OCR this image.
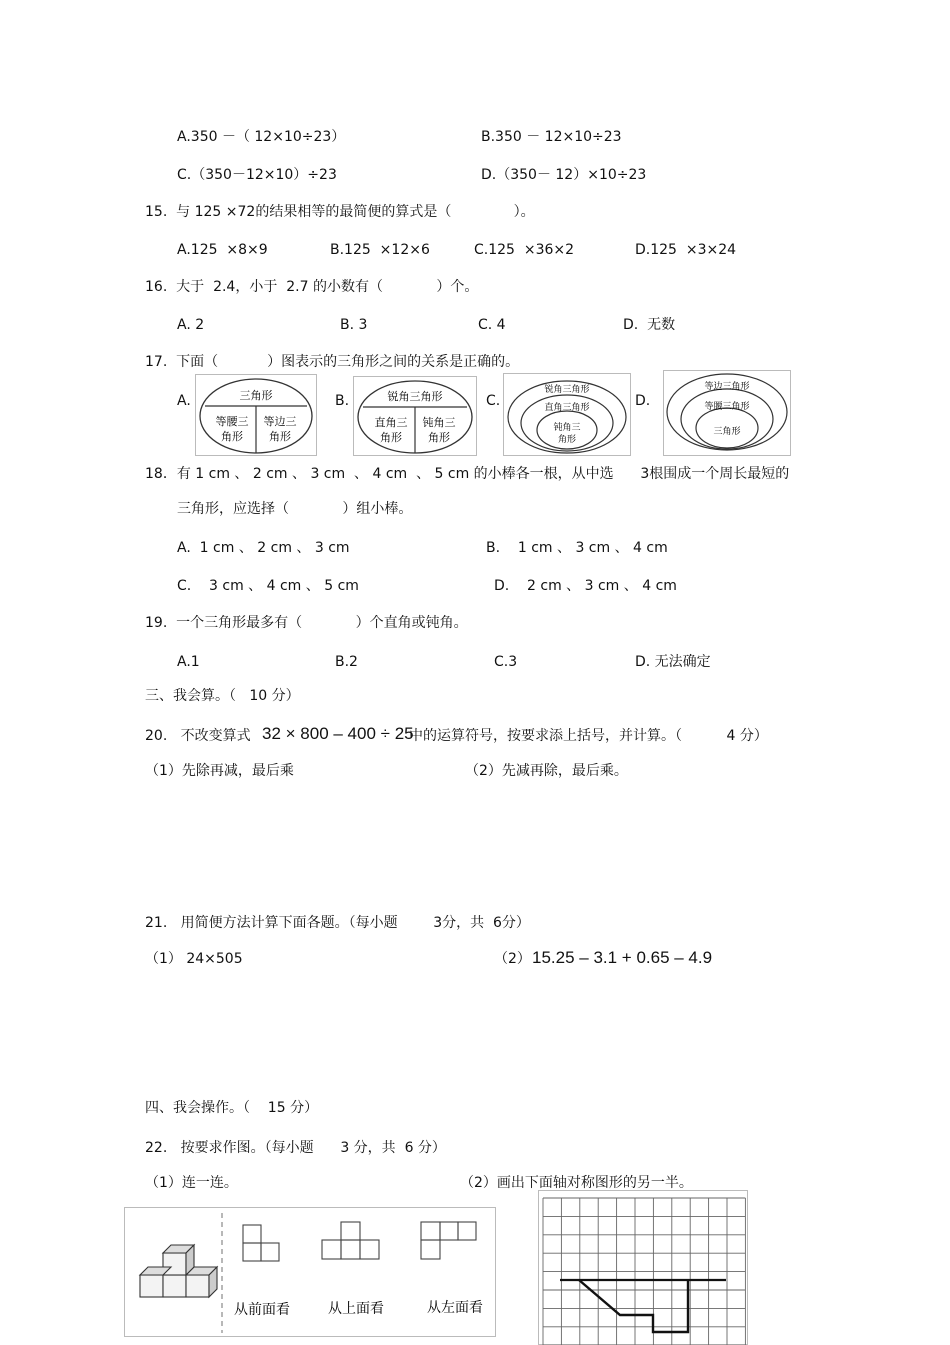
A.350 －（ 12×10÷23）	B.350 － 12×10÷23
C.（350－12×10）÷23	D.（350－ 12）×10÷23
15.  与 125 ×72的结果相等的最简便的算式是（              ）。
A.125  ×8×9	B.125  ×12×6	C.125  ×36×2	D.125  ×3×24
16.  大于  2.4，小于  2.7 的小数有（            ）个。
A. 2	B. 3	C. 4	D.  无数
17.  下面（           ）图表示的三角形之间的关系是正确的。
A.	B.	C.	D.
三角形
等腰三
角形
等边三
角形
锐角三角形
直角三
角形
钝角三
角形
锐角三角形
直角三角形
钝角三
角形
等边三角形
等腰三角形
三角形
18．有 1 cm 、 2 cm 、 3 cm  、 4 cm  、 5 cm 的小棒各一根，从中选      3根围成一个周长最短的
三角形，应选择（            ）组小棒。
A.  1 cm 、 2 cm 、 3 cm	B.    1 cm 、 3 cm 、 4 cm
C.    3 cm 、 4 cm 、 5 cm	D.    2 cm 、 3 cm 、 4 cm
19.  一个三角形最多有（            ）个直角或钝角。
A.1	B.2	C.3	D. 无法确定
三、我会算。（   10 分）
20.   不改变算式 32 × 800 – 400 ÷ 25
中的运算符号，按要求添上括号，并计算。（          4 分）
（1）先除再减，最后乘	（2）先减再除，最后乘。
21.   用简便方法计算下面各题。（每小题        3分，共  6分）
（1） 24×505	（2） 15.25 – 3.1 + 0.65 – 4.9
四、我会操作。（    15 分）
22.   按要求作图。（每小题      3 分，共  6 分）
（1）连一连。	（2）画出下面轴对称图形的另一半。
从前面看	从上面看	从左面看
